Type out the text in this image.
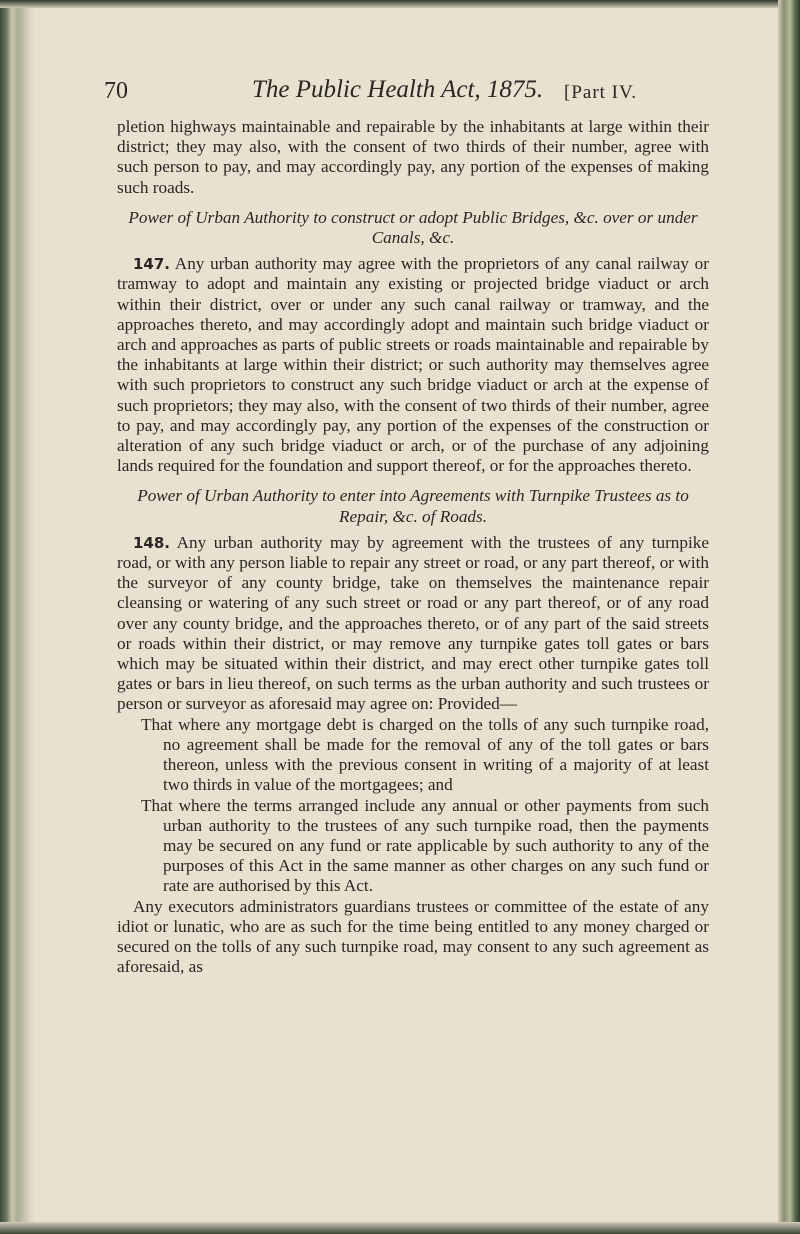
70	The Public Health Act, 1875. [Part IV.

pletion highways maintainable and repairable by the inhabitants at large within their district; they may also, with the consent of two thirds of their number, agree with such person to pay, and may accordingly pay, any portion of the expenses of making such roads.

Power of Urban Authority to construct or adopt Public Bridges, &c. over or under Canals, &c.

147. Any urban authority may agree with the proprietors of any canal railway or tramway to adopt and maintain any existing or projected bridge viaduct or arch within their district, over or under any such canal railway or tramway, and the approaches thereto, and may accordingly adopt and maintain such bridge viaduct or arch and approaches as parts of public streets or roads maintainable and repairable by the inhabitants at large within their district; or such authority may themselves agree with such proprietors to construct any such bridge viaduct or arch at the expense of such proprietors; they may also, with the consent of two thirds of their number, agree to pay, and may accordingly pay, any portion of the expenses of the construction or alteration of any such bridge viaduct or arch, or of the purchase of any adjoining lands required for the foundation and support thereof, or for the approaches thereto.

Power of Urban Authority to enter into Agreements with Turnpike Trustees as to Repair, &c. of Roads.

148. Any urban authority may by agreement with the trustees of any turnpike road, or with any person liable to repair any street or road, or any part thereof, or with the surveyor of any county bridge, take on themselves the maintenance repair cleansing or watering of any such street or road or any part thereof, or of any road over any county bridge, and the approaches thereto, or of any part of the said streets or roads within their district, or may remove any turnpike gates toll gates or bars which may be situated within their district, and may erect other turnpike gates toll gates or bars in lieu thereof, on such terms as the urban authority and such trustees or person or surveyor as aforesaid may agree on: Provided—

That where any mortgage debt is charged on the tolls of any such turnpike road, no agreement shall be made for the removal of any of the toll gates or bars thereon, unless with the previous consent in writing of a majority of at least two thirds in value of the mortgagees; and

That where the terms arranged include any annual or other payments from such urban authority to the trustees of any such turnpike road, then the payments may be secured on any fund or rate applicable by such authority to any of the purposes of this Act in the same manner as other charges on any such fund or rate are authorised by this Act.

Any executors administrators guardians trustees or committee of the estate of any idiot or lunatic, who are as such for the time being entitled to any money charged or secured on the tolls of any such turnpike road, may consent to any such agreement as aforesaid, as
